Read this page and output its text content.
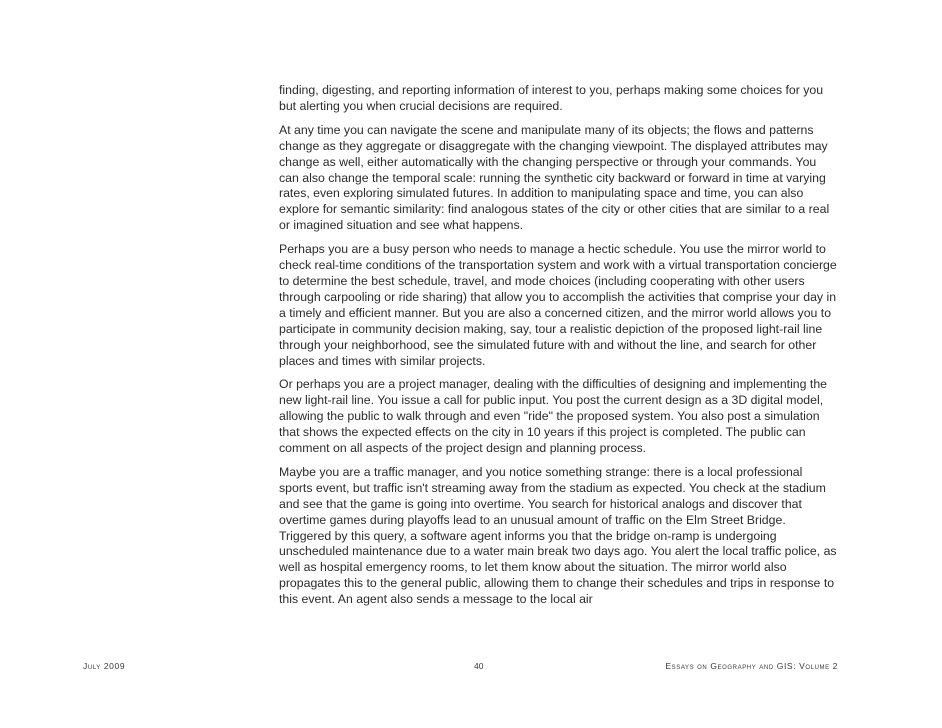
finding, digesting, and reporting information of interest to you, perhaps making some choices for you but alerting you when crucial decisions are required.

At any time you can navigate the scene and manipulate many of its objects; the flows and patterns change as they aggregate or disaggregate with the changing viewpoint. The displayed attributes may change as well, either automatically with the changing perspective or through your commands. You can also change the temporal scale: running the synthetic city backward or forward in time at varying rates, even exploring simulated futures. In addition to manipulating space and time, you can also explore for semantic similarity: find analogous states of the city or other cities that are similar to a real or imagined situation and see what happens.

Perhaps you are a busy person who needs to manage a hectic schedule. You use the mirror world to check real-time conditions of the transportation system and work with a virtual transportation concierge to determine the best schedule, travel, and mode choices (including cooperating with other users through carpooling or ride sharing) that allow you to accomplish the activities that comprise your day in a timely and efficient manner. But you are also a concerned citizen, and the mirror world allows you to participate in community decision making, say, tour a realistic depiction of the proposed light-rail line through your neighborhood, see the simulated future with and without the line, and search for other places and times with similar projects.

Or perhaps you are a project manager, dealing with the difficulties of designing and implementing the new light-rail line. You issue a call for public input. You post the current design as a 3D digital model, allowing the public to walk through and even "ride" the proposed system. You also post a simulation that shows the expected effects on the city in 10 years if this project is completed. The public can comment on all aspects of the project design and planning process.

Maybe you are a traffic manager, and you notice something strange: there is a local professional sports event, but traffic isn't streaming away from the stadium as expected. You check at the stadium and see that the game is going into overtime. You search for historical analogs and discover that overtime games during playoffs lead to an unusual amount of traffic on the Elm Street Bridge. Triggered by this query, a software agent informs you that the bridge on-ramp is undergoing unscheduled maintenance due to a water main break two days ago. You alert the local traffic police, as well as hospital emergency rooms, to let them know about the situation. The mirror world also propagates this to the general public, allowing them to change their schedules and trips in response to this event. An agent also sends a message to the local air

July 2009	40	Essays on Geography and GIS: Volume 2
